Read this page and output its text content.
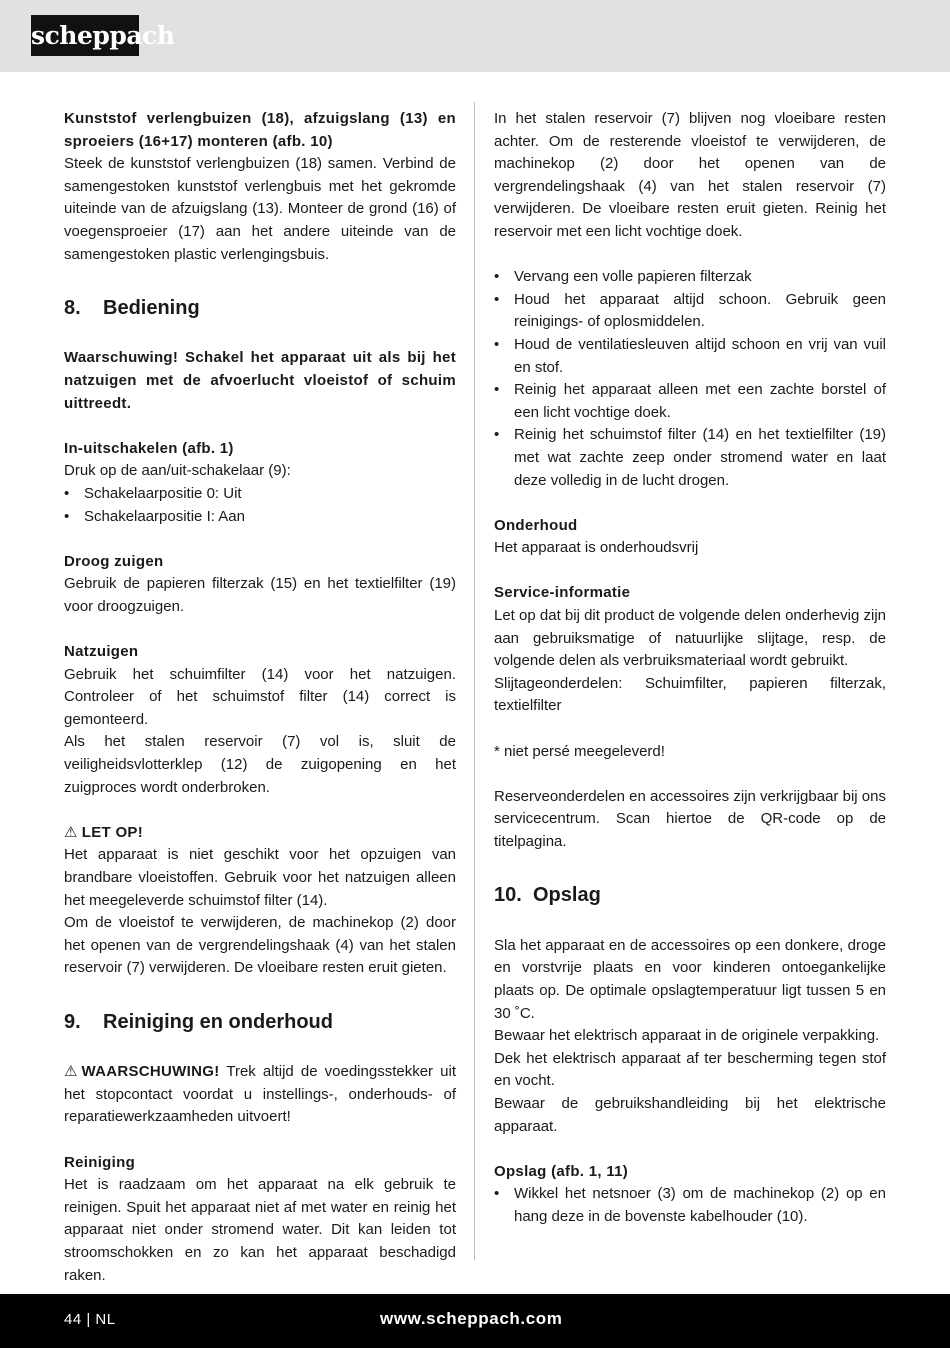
scheppach

Kunststof verlengbuizen (18), afzuigslang (13) en sproeiers (16+17) monteren (afb. 10)

Steek de kunststof verlengbuizen (18) samen. Verbind de samengestoken kunststof verlengbuis met het gekromde uiteinde van de afzuigslang (13). Monteer de grond (16) of voegensproeier (17) aan het andere uiteinde van de samengestoken plastic verlengingsbuis.

8. Bediening

Waarschuwing! Schakel het apparaat uit als bij het natzuigen met de afvoerlucht vloeistof of schuim uittreedt.

In-uitschakelen (afb. 1)

Druk op de aan/uit-schakelaar (9):

• Schakelaarpositie 0: Uit
• Schakelaarpositie I: Aan

Droog zuigen

Gebruik de papieren filterzak (15) en het textielfilter (19) voor droogzuigen.

Natzuigen

Gebruik het schuimfilter (14) voor het natzuigen. Controleer of het schuimstof filter (14) correct is gemonteerd.

Als het stalen reservoir (7) vol is, sluit de veiligheidsvlotterklep (12) de zuigopening en het zuigproces wordt onderbroken.

⚠ LET OP!

Het apparaat is niet geschikt voor het opzuigen van brandbare vloeistoffen. Gebruik voor het natzuigen alleen het meegeleverde schuimstof filter (14).

Om de vloeistof te verwijderen, de machinekop (2) door het openen van de vergrendelingshaak (4) van het stalen reservoir (7) verwijderen. De vloeibare resten eruit gieten.

9. Reiniging en onderhoud

⚠ WAARSCHUWING! Trek altijd de voedingsstekker uit het stopcontact voordat u instellings-, onderhouds- of reparatiewerkzaamheden uitvoert!

Reiniging

Het is raadzaam om het apparaat na elk gebruik te reinigen. Spuit het apparaat niet af met water en reinig het apparaat niet onder stromend water. Dit kan leiden tot stroomschokken en zo kan het apparaat beschadigd raken.

In het stalen reservoir (7) blijven nog vloeibare resten achter. Om de resterende vloeistof te verwijderen, de machinekop (2) door het openen van de vergrendelingshaak (4) van het stalen reservoir (7) verwijderen. De vloeibare resten eruit gieten. Reinig het reservoir met een licht vochtige doek.

• Vervang een volle papieren filterzak
• Houd het apparaat altijd schoon. Gebruik geen reinigings- of oplosmiddelen.
• Houd de ventilatiesleuven altijd schoon en vrij van vuil en stof.
• Reinig het apparaat alleen met een zachte borstel of een licht vochtige doek.
• Reinig het schuimstof filter (14) en het textielfilter (19) met wat zachte zeep onder stromend water en laat deze volledig in de lucht drogen.

Onderhoud

Het apparaat is onderhoudsvrij

Service-informatie

Let op dat bij dit product de volgende delen onderhevig zijn aan gebruiksmatige of natuurlijke slijtage, resp. de volgende delen als verbruiksmateriaal wordt gebruikt.

Slijtageonderdelen: Schuimfilter, papieren filterzak, textielfilter

* niet persé meegeleverd!

Reserveonderdelen en accessoires zijn verkrijgbaar bij ons servicecentrum. Scan hiertoe de QR-code op de titelpagina.

10. Opslag

Sla het apparaat en de accessoires op een donkere, droge en vorstvrije plaats en voor kinderen ontoegankelijke plaats op. De optimale opslagtemperatuur ligt tussen 5 en 30 ˚C.

Bewaar het elektrisch apparaat in de originele verpakking.

Dek het elektrisch apparaat af ter bescherming tegen stof en vocht.

Bewaar de gebruikshandleiding bij het elektrische apparaat.

Opslag (afb. 1, 11)

• Wikkel het netsnoer (3) om de machinekop (2) op en hang deze in de bovenste kabelhouder (10).
44 | NL	www.scheppach.com
